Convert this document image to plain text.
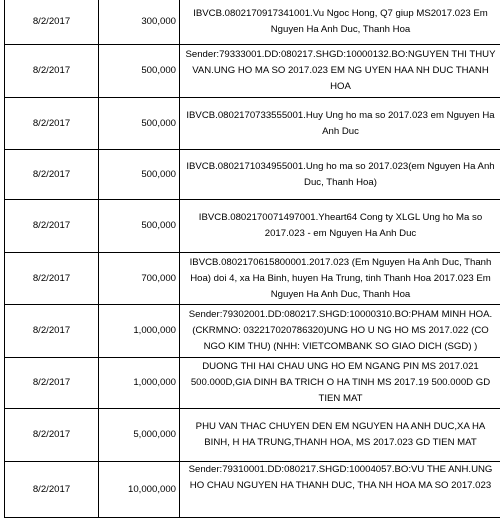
8/2/2017	300,000	IBVCB.0802170917341001.Vu Ngoc Hong, Q7 giup MS2017.023 Em Nguyen Ha Anh Duc, Thanh Hoa
8/2/2017	500,000	Sender:79333001.DD:080217.SHGD:10000132.BO:NGUYEN THI THUY VAN.UNG HO MA SO 2017.023 EM NG UYEN HAA NH DUC THANH HOA
8/2/2017	500,000	IBVCB.0802170733555001.Huy Ung ho ma so 2017.023 em Nguyen Ha Anh Duc
8/2/2017	500,000	IBVCB.0802171034955001.Ung ho ma so 2017.023(em Nguyen Ha Anh Duc, Thanh Hoa)
8/2/2017	500,000	IBVCB.0802170071497001.Yheart64 Cong ty XLGL Ung ho Ma so 2017.023 - em Nguyen Ha Anh Duc
8/2/2017	700,000	IBVCB.0802170615800001.2017.023 (Em Nguyen Ha Anh Duc, Thanh Hoa) doi 4, xa Ha Binh, huyen Ha Trung, tinh Thanh Hoa 2017.023 Em Nguyen Ha Anh Duc, Thanh Hoa
8/2/2017	1,000,000	Sender:79302001.DD:080217.SHGD:10000310.BO:PHAM MINH HOA.(CKRMNO: 032217020786320)UNG HO U NG HO MS 2017.022 (CO NGO KIM THU) (NHH: VIETCOMBANK SO GIAO DICH (SGD) )
8/2/2017	1,000,000	DUONG THI HAI CHAU UNG HO EM NGANG PIN MS 2017.021 500.000D,GIA DINH BA TRICH O HA TINH MS 2017.19 500.000D GD TIEN MAT
8/2/2017	5,000,000	PHU VAN THAC CHUYEN DEN EM NGUYEN HA ANH DUC,XA HA BINH, H HA TRUNG,THANH HOA, MS 2017.023 GD TIEN MAT
8/2/2017	10,000,000	Sender:79310001.DD:080217.SHGD:10004057.BO:VU THE ANH.UNG HO CHAU NGUYEN HA THANH DUC, THA NH HOA MA SO 2017.023
